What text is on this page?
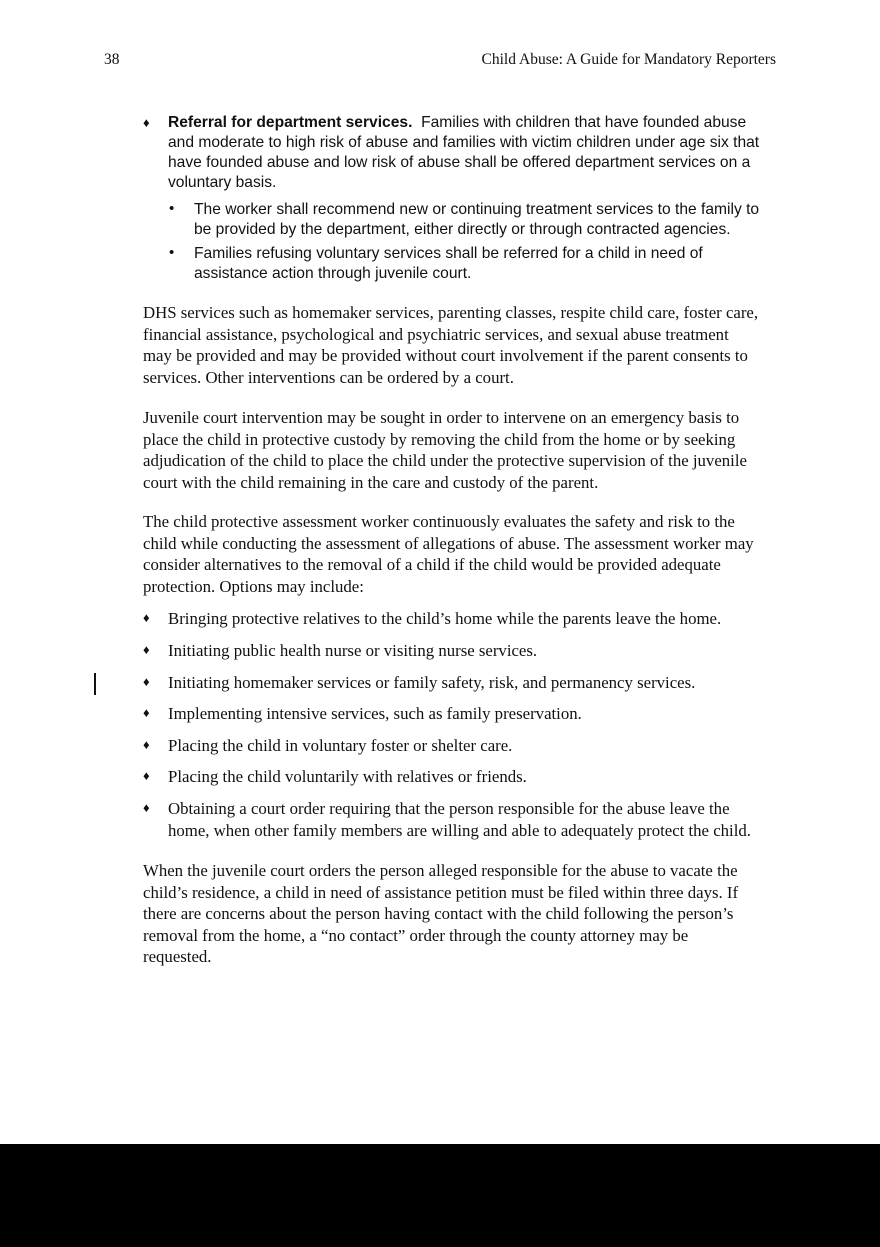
38	Child Abuse: A Guide for Mandatory Reporters
♦ Referral for department services.  Families with children that have founded abuse
and moderate to high risk of abuse and families with victim children under age six that
have founded abuse and low risk of abuse shall be offered department services on a
voluntary basis.
• The worker shall recommend new or continuing treatment services to the family to
be provided by the department, either directly or through contracted agencies.
• Families refusing voluntary services shall be referred for a child in need of
assistance action through juvenile court.
DHS services such as homemaker services, parenting classes, respite child care, foster care,
financial assistance, psychological and psychiatric services, and sexual abuse treatment
may be provided and may be provided without court involvement if the parent consents to
services. Other interventions can be ordered by a court.
Juvenile court intervention may be sought in order to intervene on an emergency basis to
place the child in protective custody by removing the child from the home or by seeking
adjudication of the child to place the child under the protective supervision of the juvenile
court with the child remaining in the care and custody of the parent.
The child protective assessment worker continuously evaluates the safety and risk to the
child while conducting the assessment of allegations of abuse. The assessment worker may
consider alternatives to the removal of a child if the child would be provided adequate
protection. Options may include:
♦ Bringing protective relatives to the child’s home while the parents leave the home.
♦ Initiating public health nurse or visiting nurse services.
♦ Initiating homemaker services or family safety, risk, and permanency services.
♦ Implementing intensive services, such as family preservation.
♦ Placing the child in voluntary foster or shelter care.
♦ Placing the child voluntarily with relatives or friends.
♦ Obtaining a court order requiring that the person responsible for the abuse leave the
home, when other family members are willing and able to adequately protect the child.
When the juvenile court orders the person alleged responsible for the abuse to vacate the
child’s residence, a child in need of assistance petition must be filed within three days. If
there are concerns about the person having contact with the child following the person’s
removal from the home, a “no contact” order through the county attorney may be
requested.
